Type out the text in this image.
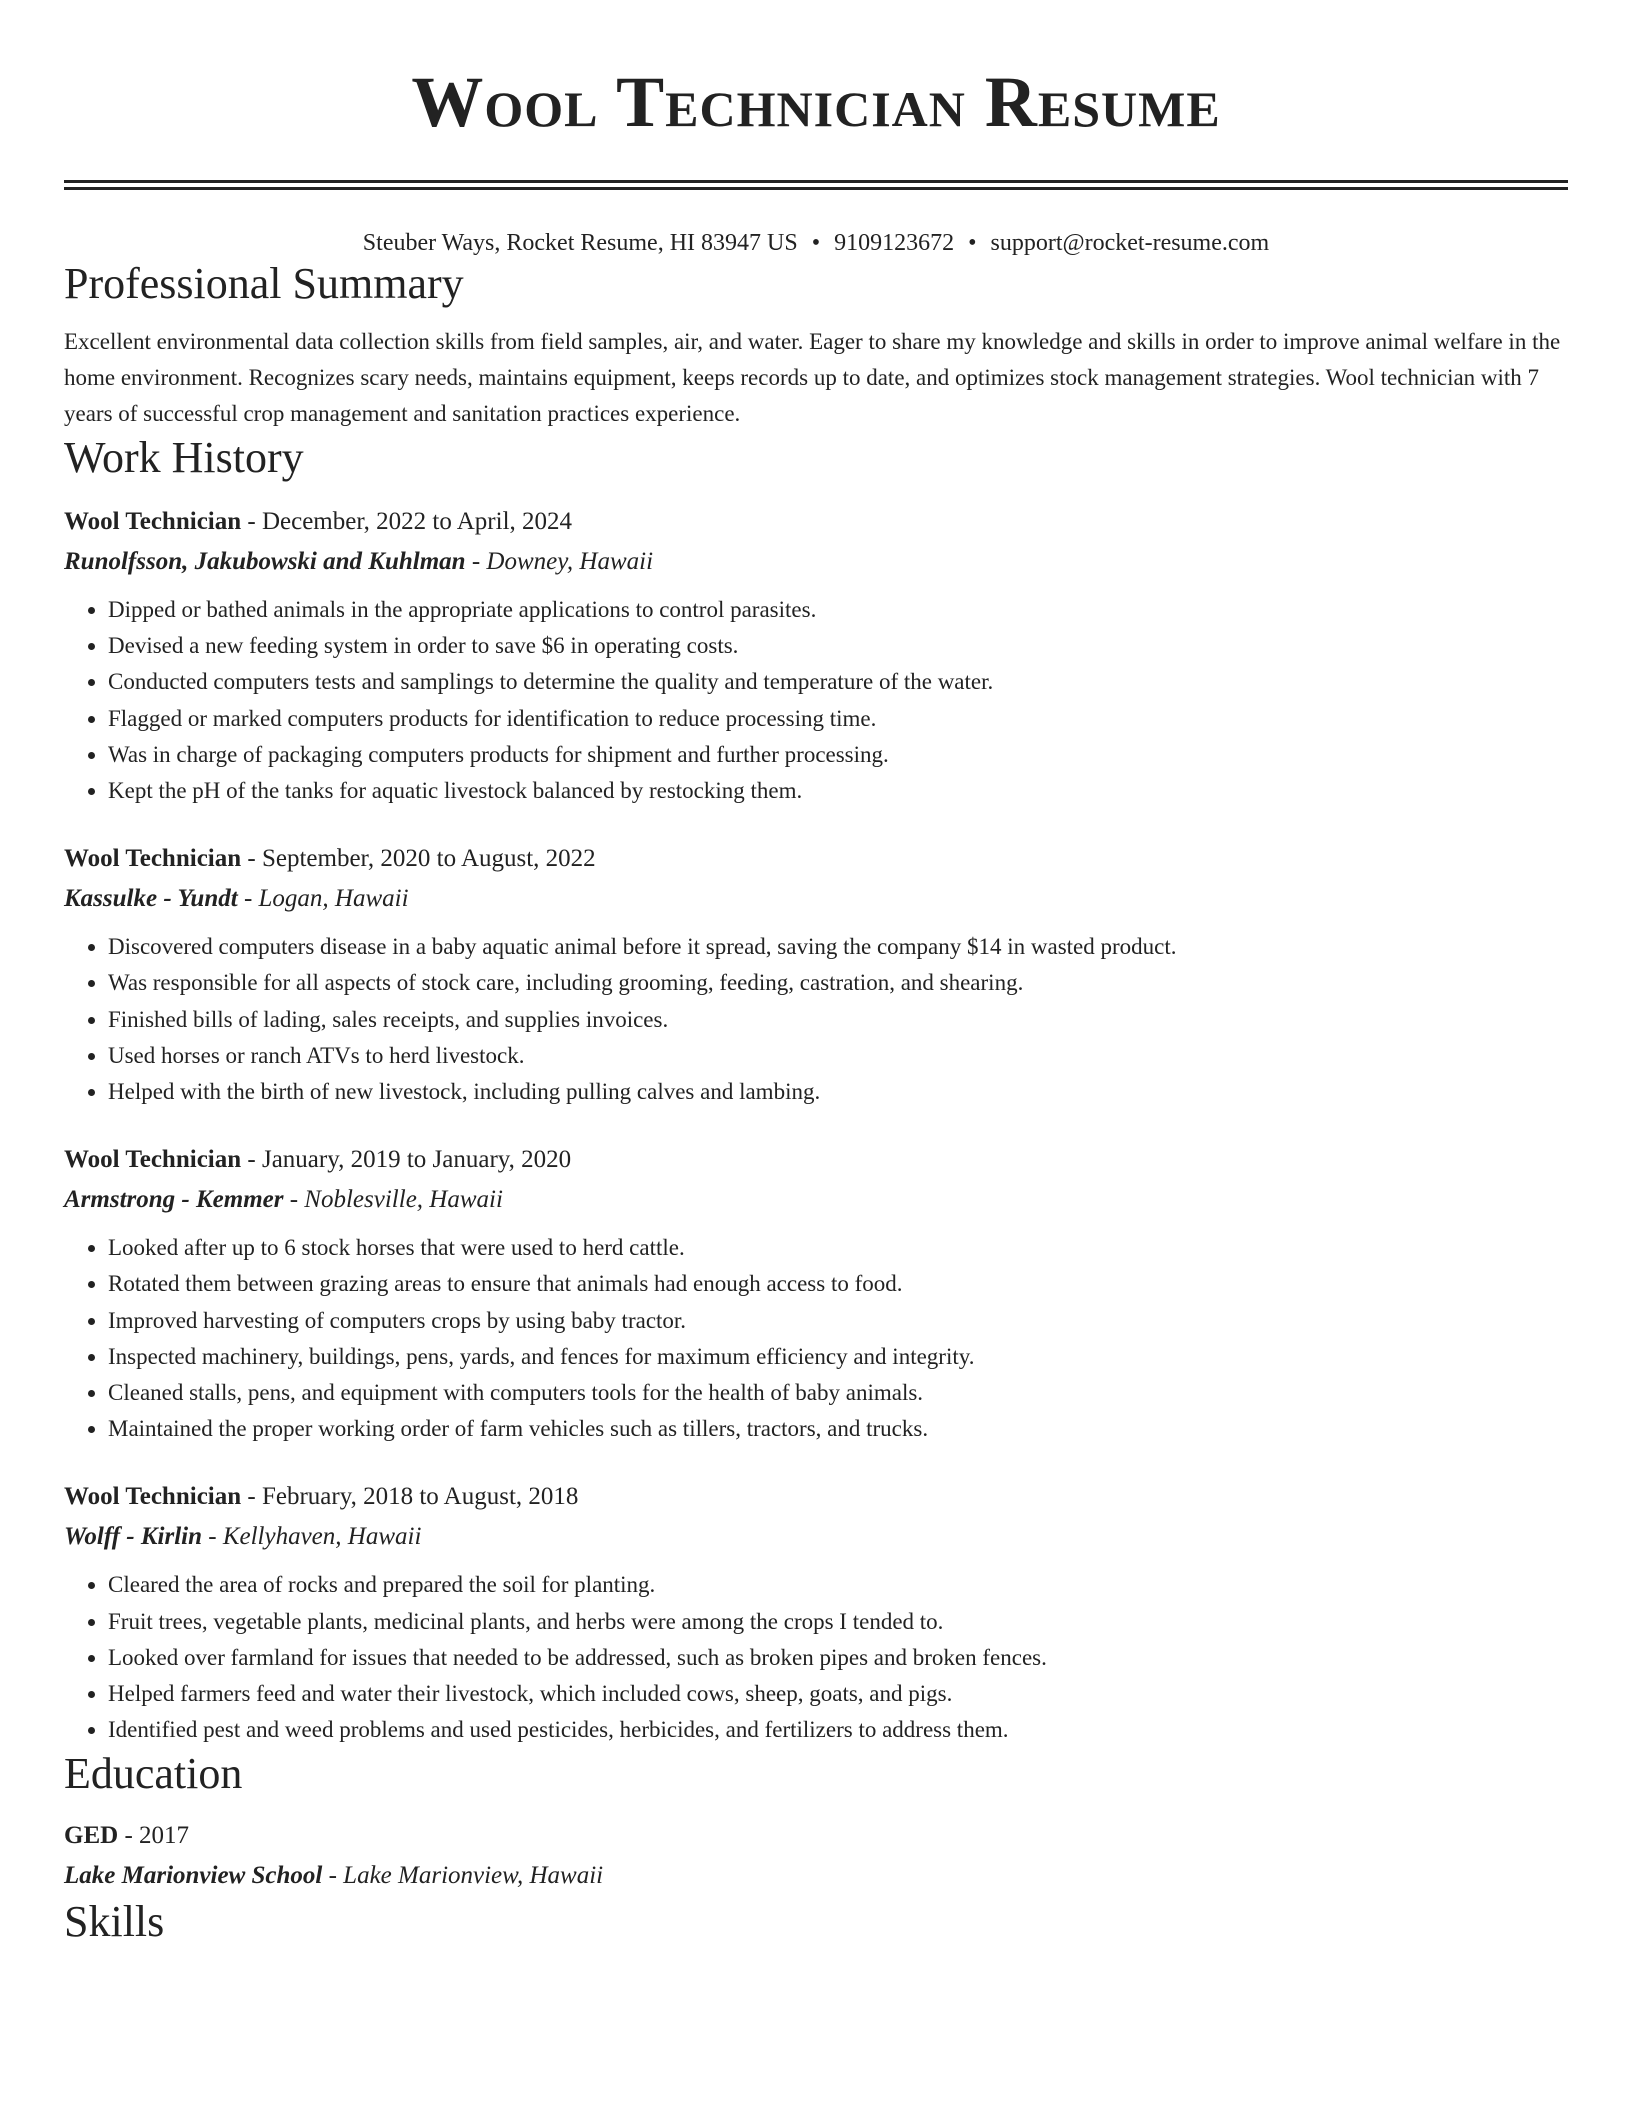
Wool Technician Resume
Steuber Ways, Rocket Resume, HI 83947 US • 9109123672 • support@rocket-resume.com
Professional Summary

Excellent environmental data collection skills from field samples, air, and water. Eager to share my knowledge and skills in order to improve animal welfare in the home environment. Recognizes scary needs, maintains equipment, keeps records up to date, and optimizes stock management strategies. Wool technician with 7 years of successful crop management and sanitation practices experience.

Work History
Wool Technician - December, 2022 to April, 2024
Runolfsson, Jakubowski and Kuhlman - Downey, Hawaii
• Dipped or bathed animals in the appropriate applications to control parasites.
• Devised a new feeding system in order to save $6 in operating costs.
• Conducted computers tests and samplings to determine the quality and temperature of the water.
• Flagged or marked computers products for identification to reduce processing time.
• Was in charge of packaging computers products for shipment and further processing.
• Kept the pH of the tanks for aquatic livestock balanced by restocking them.
Wool Technician - September, 2020 to August, 2022
Kassulke - Yundt - Logan, Hawaii
• Discovered computers disease in a baby aquatic animal before it spread, saving the company $14 in wasted product.
• Was responsible for all aspects of stock care, including grooming, feeding, castration, and shearing.
• Finished bills of lading, sales receipts, and supplies invoices.
• Used horses or ranch ATVs to herd livestock.
• Helped with the birth of new livestock, including pulling calves and lambing.
Wool Technician - January, 2019 to January, 2020
Armstrong - Kemmer - Noblesville, Hawaii
• Looked after up to 6 stock horses that were used to herd cattle.
• Rotated them between grazing areas to ensure that animals had enough access to food.
• Improved harvesting of computers crops by using baby tractor.
• Inspected machinery, buildings, pens, yards, and fences for maximum efficiency and integrity.
• Cleaned stalls, pens, and equipment with computers tools for the health of baby animals.
• Maintained the proper working order of farm vehicles such as tillers, tractors, and trucks.
Wool Technician - February, 2018 to August, 2018
Wolff - Kirlin - Kellyhaven, Hawaii
• Cleared the area of rocks and prepared the soil for planting.
• Fruit trees, vegetable plants, medicinal plants, and herbs were among the crops I tended to.
• Looked over farmland for issues that needed to be addressed, such as broken pipes and broken fences.
• Helped farmers feed and water their livestock, which included cows, sheep, goats, and pigs.
• Identified pest and weed problems and used pesticides, herbicides, and fertilizers to address them.
Education
GED - 2017
Lake Marionview School - Lake Marionview, Hawaii
Skills
